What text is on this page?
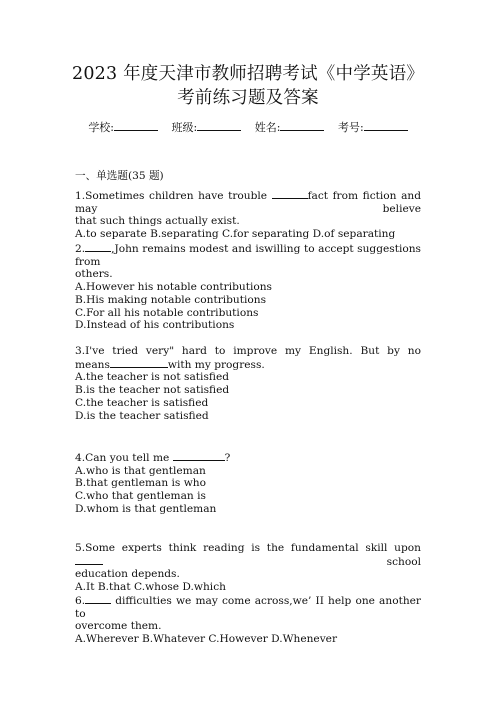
2023 年度天津市教师招聘考试《中学英语》
考前练习题及答案
学校:	班级:	姓名:	考号:
一、单选题(35 题)
1.Sometimes children have trouble	fact from fiction and may believe
that such things actually exist.
A.to separate B.separating C.for separating D.of separating
2. ,John remains modest and iswilling to accept suggestions from
others.
A.However his notable contributions
B.His making notable contributions
C.For all his notable contributions
D.Instead of his contributions
3.I've tried very" hard to improve my English. But by no
means	with my progress.
A.the teacher is not satisfied
B.is the teacher not satisfied
C.the teacher is satisfied
D.is the teacher satisfied
4.Can you tell me	?
A.who is that gentleman
B.that gentleman is who
C.who that gentleman is
D.whom is that gentleman
5.Some experts think reading is the fundamental skill upon school
education depends.
A.It B.that C.whose D.which
6. difficulties we may come across,we’ II help one another to
overcome them.
A.Wherever B.Whatever C.However D.Whenever
